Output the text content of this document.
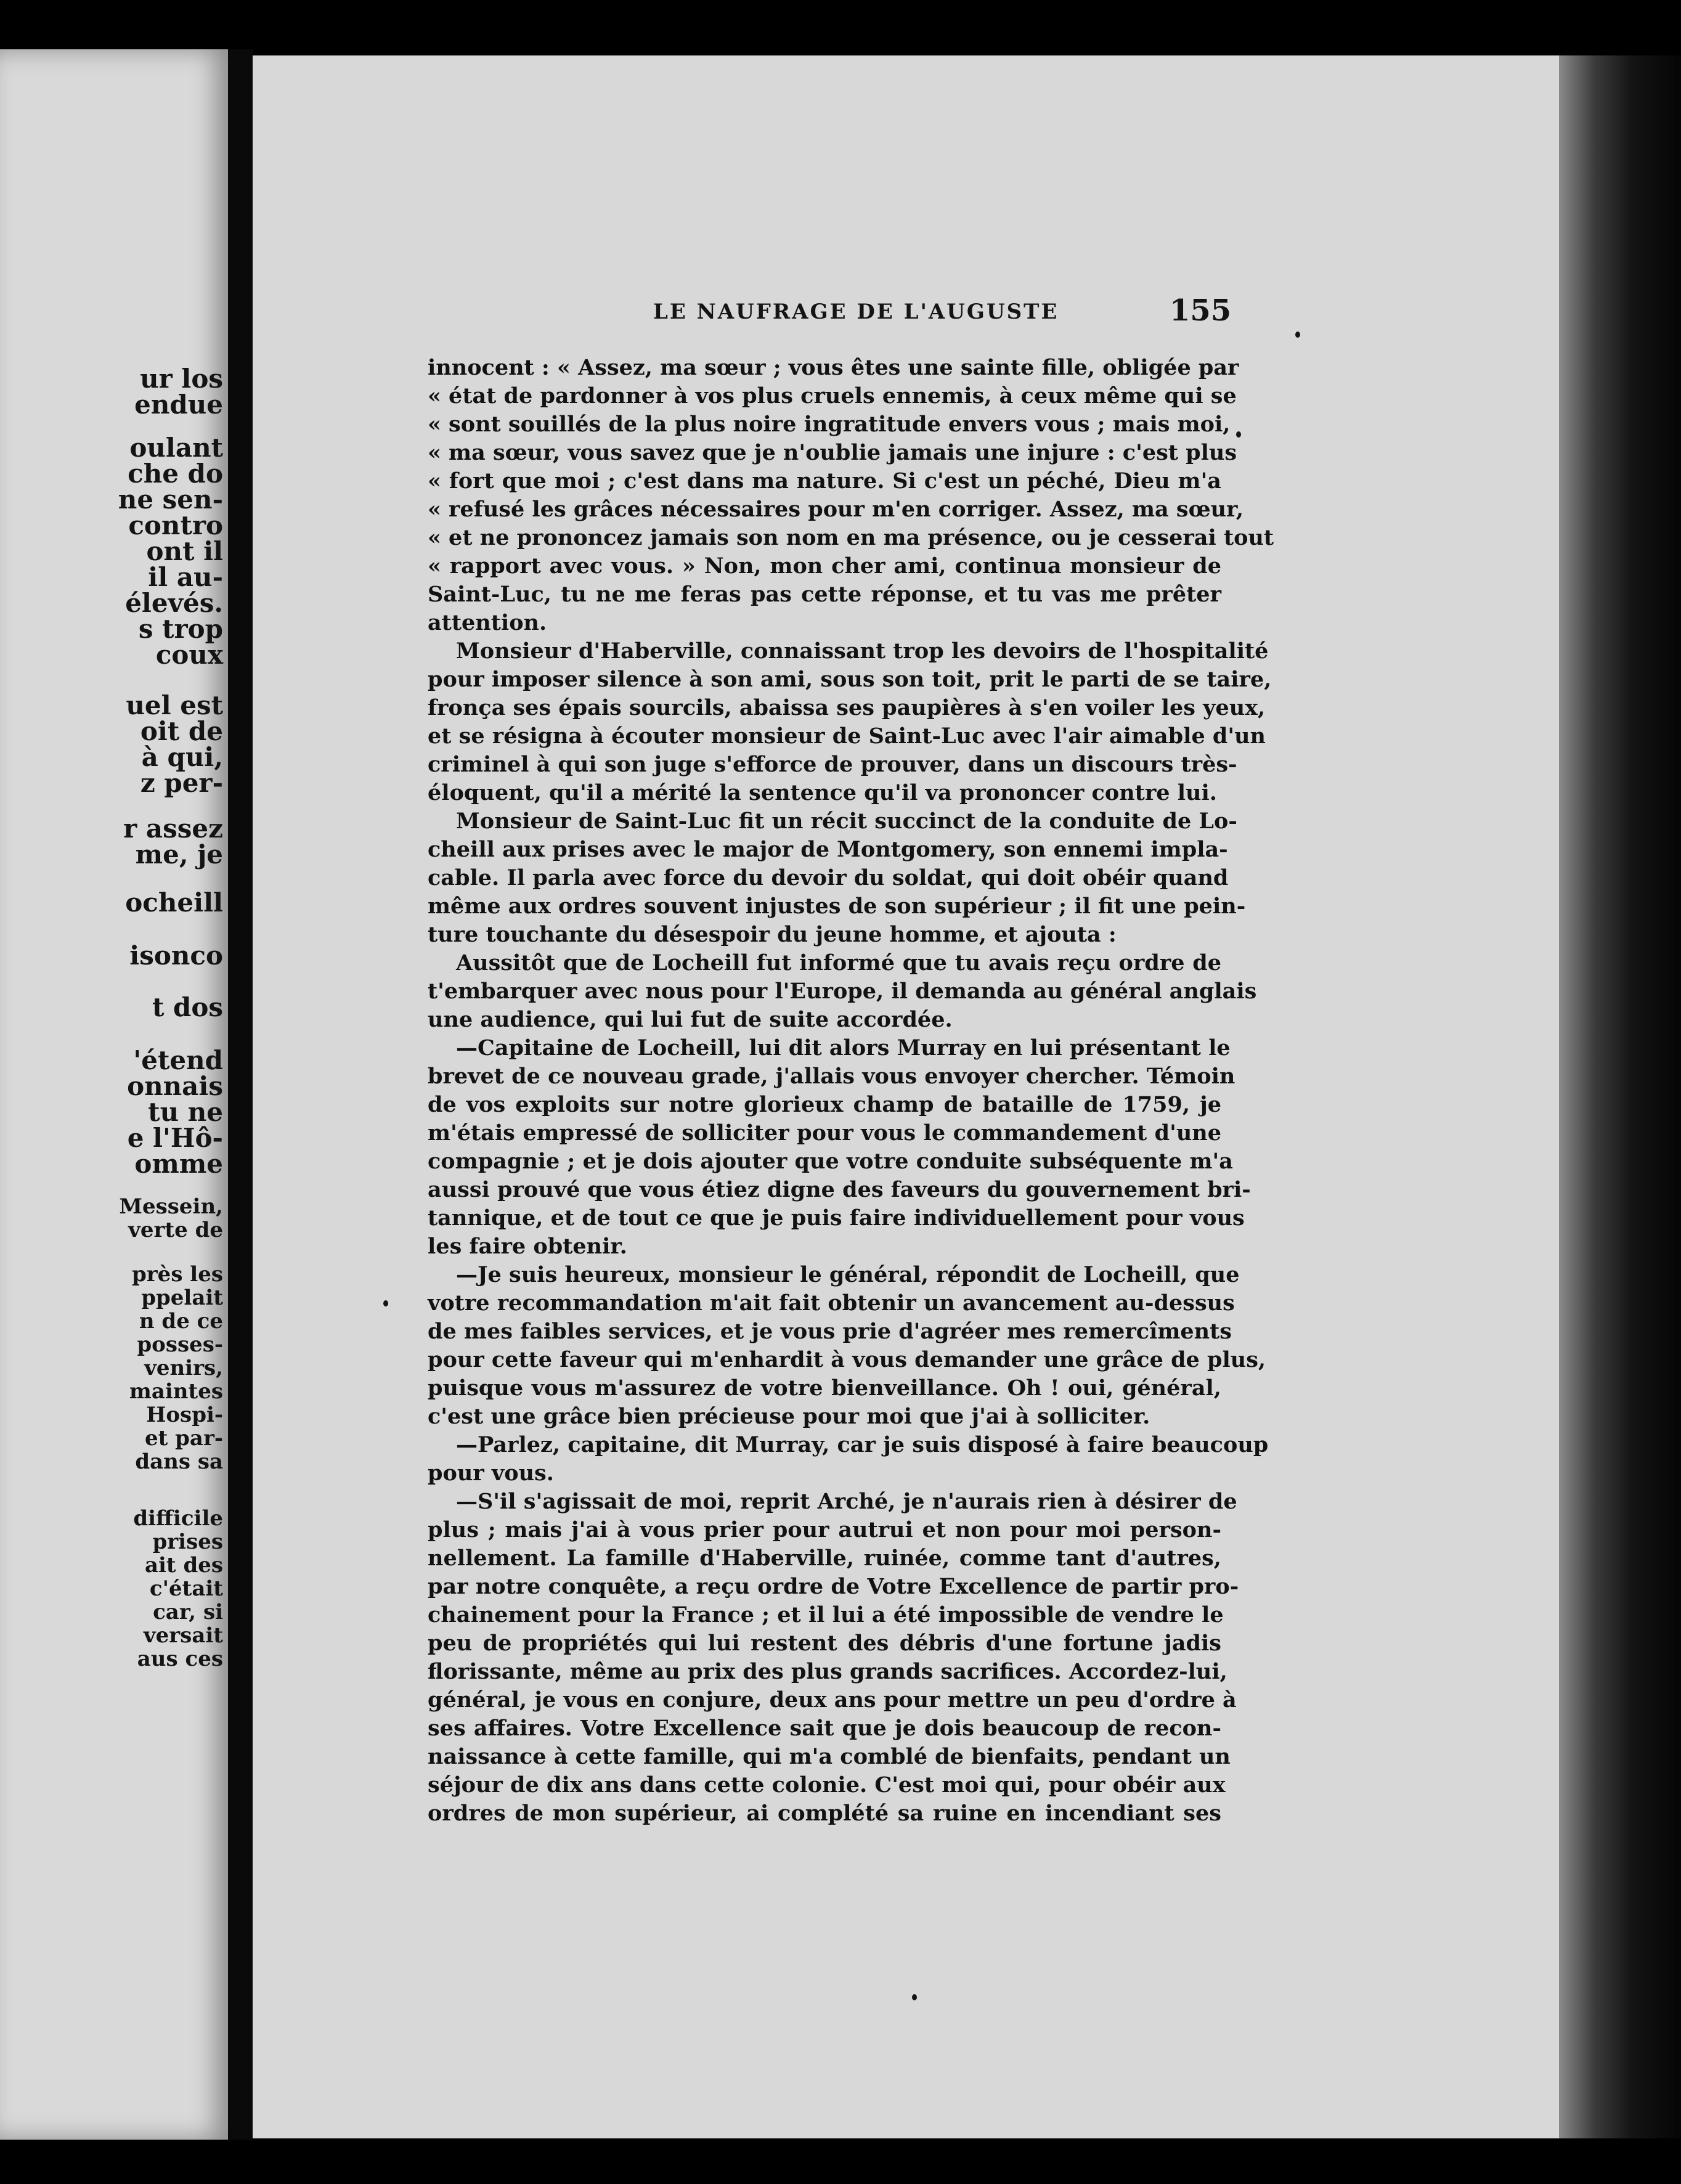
ur los
endue
oulant
che do
ne sen-
contro
ont il
il au-
élevés.
s trop
coux
uel est
oit de
à qui,
z per-
r assez
me, je
ocheill
isonco
t dos
'étend
onnais
tu ne
e l'Hô-
omme
Messein,
verte de
près les
ppelait
n de ce
posses-
venirs,
maintes
Hospi-
et par-
dans sa
difficile
prises
ait des
c'était
car, si
versait
aus ces
LE NAUFRAGE DE L'AUGUSTE	155
innocent : « Assez, ma sœur ; vous êtes une sainte fille, obligée par
« état de pardonner à vos plus cruels ennemis, à ceux même qui se
« sont souillés de la plus noire ingratitude envers vous ; mais moi,
« ma sœur, vous savez que je n'oublie jamais une injure : c'est plus
« fort que moi ; c'est dans ma nature. Si c'est un péché, Dieu m'a
« refusé les grâces nécessaires pour m'en corriger. Assez, ma sœur,
« et ne prononcez jamais son nom en ma présence, ou je cesserai tout
« rapport avec vous. » Non, mon cher ami, continua monsieur de
Saint-Luc, tu ne me feras pas cette réponse, et tu vas me prêter
attention.
Monsieur d'Haberville, connaissant trop les devoirs de l'hospitalité
pour imposer silence à son ami, sous son toit, prit le parti de se taire,
fronça ses épais sourcils, abaissa ses paupières à s'en voiler les yeux,
et se résigna à écouter monsieur de Saint-Luc avec l'air aimable d'un
criminel à qui son juge s'efforce de prouver, dans un discours très-
éloquent, qu'il a mérité la sentence qu'il va prononcer contre lui.
Monsieur de Saint-Luc fit un récit succinct de la conduite de Lo-
cheill aux prises avec le major de Montgomery, son ennemi impla-
cable. Il parla avec force du devoir du soldat, qui doit obéir quand
même aux ordres souvent injustes de son supérieur ; il fit une pein-
ture touchante du désespoir du jeune homme, et ajouta :
Aussitôt que de Locheill fut informé que tu avais reçu ordre de
t'embarquer avec nous pour l'Europe, il demanda au général anglais
une audience, qui lui fut de suite accordée.
—Capitaine de Locheill, lui dit alors Murray en lui présentant le
brevet de ce nouveau grade, j'allais vous envoyer chercher. Témoin
de vos exploits sur notre glorieux champ de bataille de 1759, je
m'étais empressé de solliciter pour vous le commandement d'une
compagnie ; et je dois ajouter que votre conduite subséquente m'a
aussi prouvé que vous étiez digne des faveurs du gouvernement bri-
tannique, et de tout ce que je puis faire individuellement pour vous
les faire obtenir.
—Je suis heureux, monsieur le général, répondit de Locheill, que
votre recommandation m'ait fait obtenir un avancement au-dessus
de mes faibles services, et je vous prie d'agréer mes remercîments
pour cette faveur qui m'enhardit à vous demander une grâce de plus,
puisque vous m'assurez de votre bienveillance. Oh ! oui, général,
c'est une grâce bien précieuse pour moi que j'ai à solliciter.
—Parlez, capitaine, dit Murray, car je suis disposé à faire beaucoup
pour vous.
—S'il s'agissait de moi, reprit Arché, je n'aurais rien à désirer de
plus ; mais j'ai à vous prier pour autrui et non pour moi person-
nellement. La famille d'Haberville, ruinée, comme tant d'autres,
par notre conquête, a reçu ordre de Votre Excellence de partir pro-
chainement pour la France ; et il lui a été impossible de vendre le
peu de propriétés qui lui restent des débris d'une fortune jadis
florissante, même au prix des plus grands sacrifices. Accordez-lui,
général, je vous en conjure, deux ans pour mettre un peu d'ordre à
ses affaires. Votre Excellence sait que je dois beaucoup de recon-
naissance à cette famille, qui m'a comblé de bienfaits, pendant un
séjour de dix ans dans cette colonie. C'est moi qui, pour obéir aux
ordres de mon supérieur, ai complété sa ruine en incendiant ses
